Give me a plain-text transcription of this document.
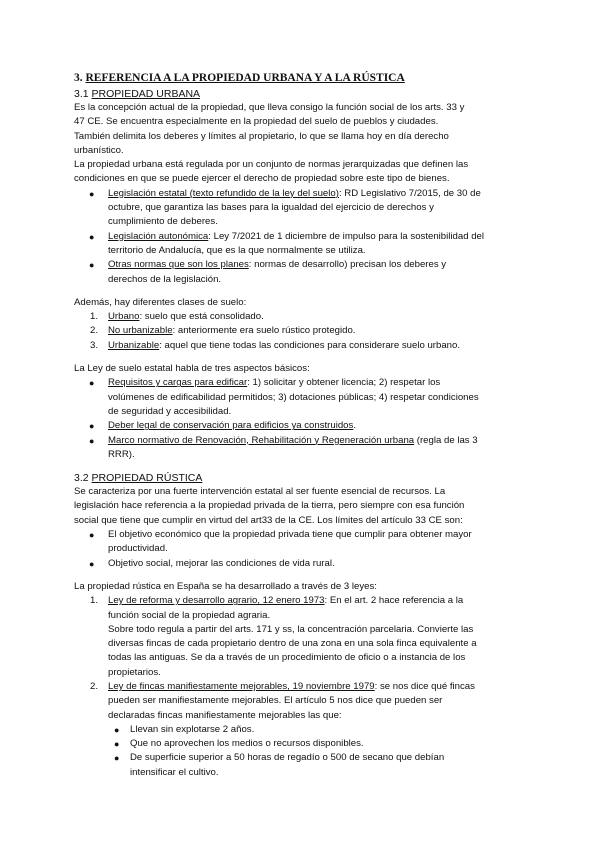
3. REFERENCIA A LA PROPIEDAD URBANA Y A LA RÚSTICA
3.1 PROPIEDAD URBANA

Es la concepción actual de la propiedad, que lleva consigo la función social de los arts. 33 y
47 CE. Se encuentra especialmente en la propiedad del suelo de pueblos y ciudades.
También delimita los deberes y límites al propietario, lo que se llama hoy en día derecho
urbanístico.

La propiedad urbana está regulada por un conjunto de normas jerarquizadas que definen las
condiciones en que se puede ejercer el derecho de propiedad sobre este tipo de bienes.

● Legislación estatal (texto refundido de la ley del suelo): RD Legislativo 7/2015, de 30 de
octubre, que garantiza las bases para la igualdad del ejercicio de derechos y
cumplimiento de deberes.
● Legislación autonómica: Ley 7/2021 de 1 diciembre de impulso para la sostenibilidad del
territorio de Andalucía, que es la que normalmente se utiliza.
● Otras normas que son los planes: normas de desarrollo) precisan los deberes y
derechos de la legislación.

Además, hay diferentes clases de suelo:

1. Urbano: suelo que está consolidado.
2. No urbanizable: anteriormente era suelo rústico protegido.
3. Urbanizable: aquel que tiene todas las condiciones para considerare suelo urbano.

La Ley de suelo estatal habla de tres aspectos básicos:

● Requisitos y cargas para edificar: 1) solicitar y obtener licencia; 2) respetar los
volúmenes de edificabilidad permitidos; 3) dotaciones públicas; 4) respetar condiciones
de seguridad y accesibilidad.
● Deber legal de conservación para edificios ya construidos.
● Marco normativo de Renovación, Rehabilitación y Regeneración urbana (regla de las 3
RRR).
3.2 PROPIEDAD RÚSTICA

Se caracteriza por una fuerte intervención estatal al ser fuente esencial de recursos. La
legislación hace referencia a la propiedad privada de la tierra, pero siempre con esa función
social que tiene que cumplir en virtud del art33 de la CE. Los límites del artículo 33 CE son:

● El objetivo económico que la propiedad privada tiene que cumplir para obtener mayor
productividad.
● Objetivo social, mejorar las condiciones de vida rural.

La propiedad rústica en España se ha desarrollado a través de 3 leyes:

1. Ley de reforma y desarrollo agrario, 12 enero 1973: En el art. 2 hace referencia a la
función social de la propiedad agraria.
Sobre todo regula a partir del arts. 171 y ss, la concentración parcelaria. Convierte las
diversas fincas de cada propietario dentro de una zona en una sola finca equivalente a
todas las antiguas. Se da a través de un procedimiento de oficio o a instancia de los
propietarios.
2. Ley de fincas manifiestamente mejorables, 19 noviembre 1979: se nos dice qué fincas
pueden ser manifiestamente mejorables. El artículo 5 nos dice que pueden ser
declaradas fincas manifiestamente mejorables las que:
● Llevan sin explotarse 2 años.
● Que no aprovechen los medios o recursos disponibles.
● De superficie superior a 50 horas de regadío o 500 de secano que debían
intensificar el cultivo.
